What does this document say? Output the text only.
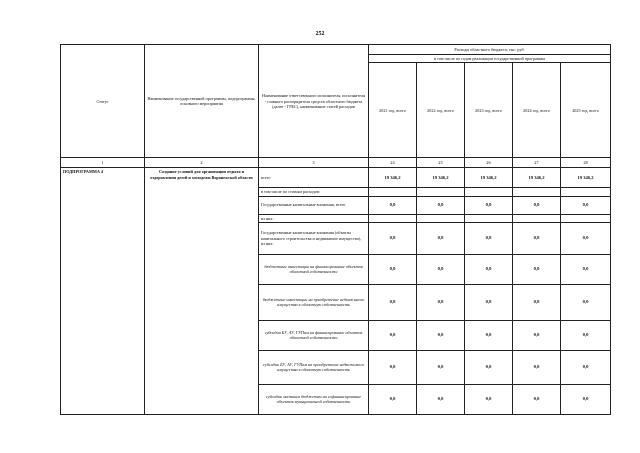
252
Статус	Наименование государственной программы, подпрограммы, основного мероприятия	Наименование ответственного исполнителя, исполнителя - главного распорядителя средств областного бюджета (далее - ГРБС), наименование статей расходов	Расходы областного бюджета, тыс. руб.				
			в том числе по годам реализации государственной программы				
			2021 год, всего	2022 год, всего	2023 год, всего	2024 год, всего	2025 год, всего
1	2	3	24	25	26	27	28
ПОДПРОГРАММА 4	Создание условий для организации отдыха и оздоровления детей и молодежи Воронежской области	всего	19 346,2	19 346,2	19 346,2	19 346,2	19 346,2
		в том числе по статьям расходов:					
		Государственные капитальные вложения, всего	0,0	0,0	0,0	0,0	0,0
		из них:					
		Государственные капитальные вложения (объекты капитального строительства и недвижимое имущество), из них:	0,0	0,0	0,0	0,0	0,0
		бюджетные инвестиции на финансирование объектов областной собственности	0,0	0,0	0,0	0,0	0,0
		бюджетные инвестиции на приобретение недвижимого имущества в областную собственность	0,0	0,0	0,0	0,0	0,0
		субсидии БУ, АУ, ГУПам на финансирование объектов областной собственности	0,0	0,0	0,0	0,0	0,0
		субсидии БУ, АУ, ГУПам на приобретение недвижимого имущества в областную собственность	0,0	0,0	0,0	0,0	0,0
		субсидии местным бюджетам на софинансирование объектов муниципальной собственности	0,0	0,0	0,0	0,0	0,0
